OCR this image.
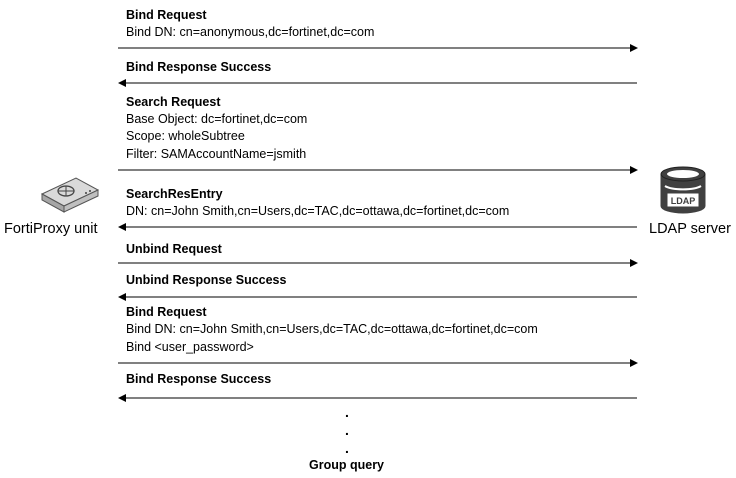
FortiProxy unit
LDAP
LDAP server
Bind Request
Bind DN: cn=anonymous,dc=fortinet,dc=com
Bind Response Success
Search Request
Base Object: dc=fortinet,dc=com
Scope: wholeSubtree
Filter: SAMAccountName=jsmith
SearchResEntry
DN: cn=John Smith,cn=Users,dc=TAC,dc=ottawa,dc=fortinet,dc=com
Unbind Request
Unbind Response Success
Bind Request
Bind DN: cn=John Smith,cn=Users,dc=TAC,dc=ottawa,dc=fortinet,dc=com
Bind <user_password>
Bind Response Success
.
.
.
Group query
